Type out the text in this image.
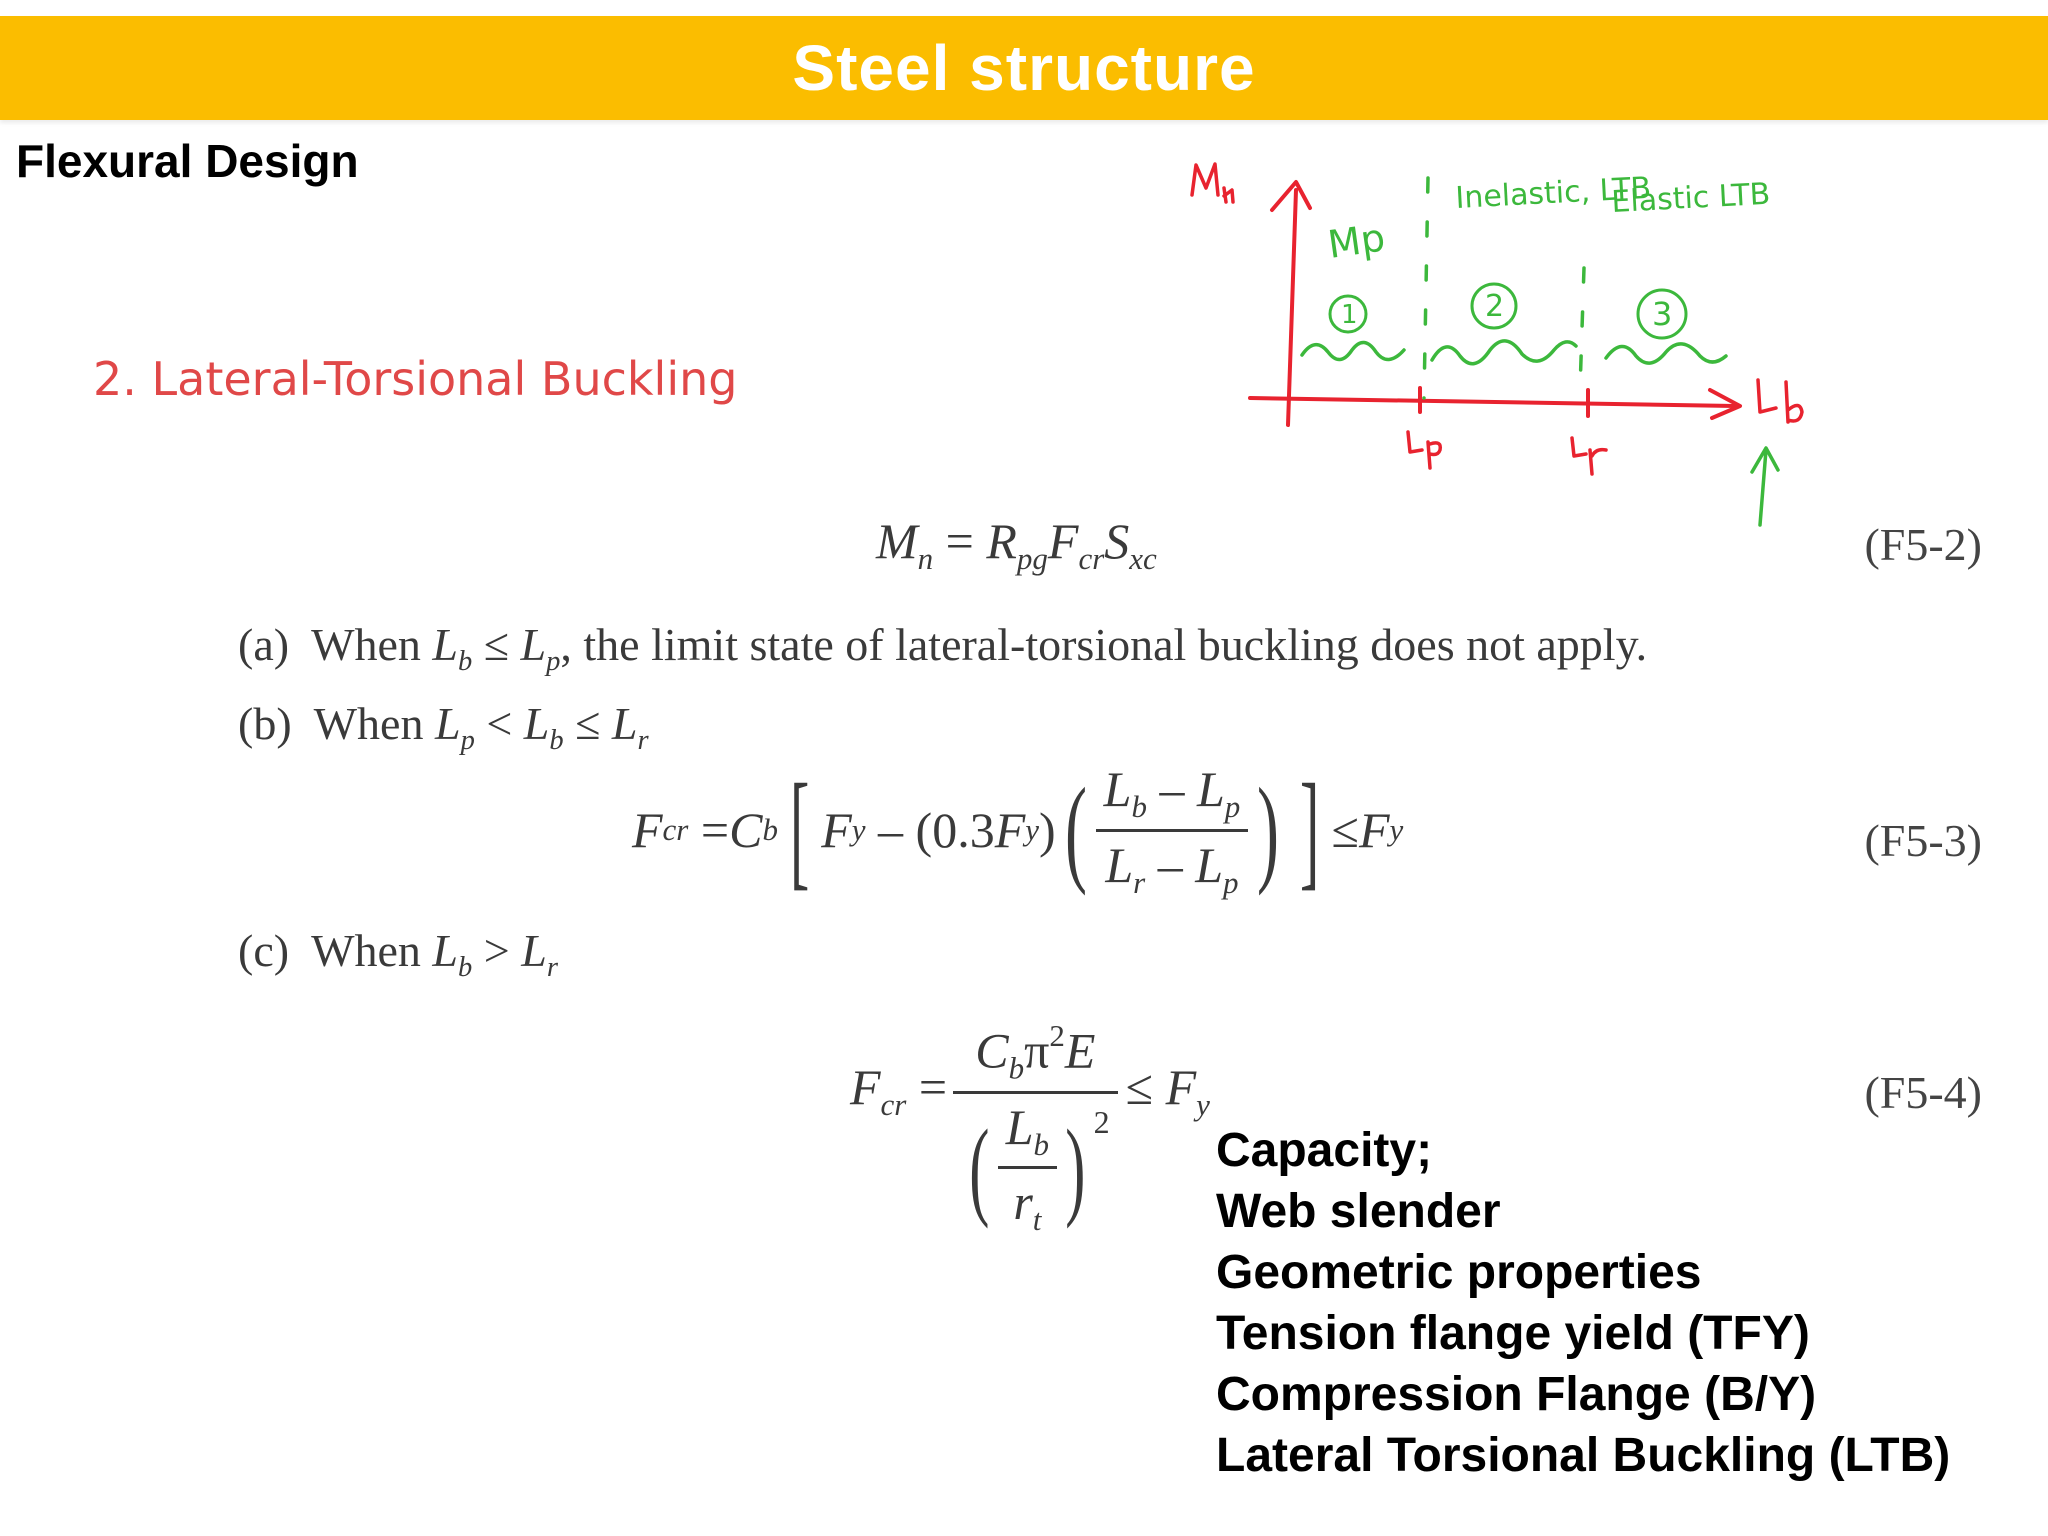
Steel structure
Flexural Design
2. Lateral-Torsional Buckling
Mp
Inelastic, LTB
Elastic LTB
1	2	3
$M_n = R_{pg}F_{cr}S_{xc}$	(F5-2)
(a) When $L_b \le L_p$, the limit state of lateral-torsional buckling does not apply.
(b) When $L_p < L_b \le L_r$
F cr = C b [ F y – (0.3 F y ) ( $\frac{L_b - L_p}{L_r - L_p}$ ) ] ≤ F y	(F5-3)
(c) When $L_b > L_r$
$F_{cr}$ =
$C_b\pi^2E$
( $\frac{L_b}{r_t}$ ) $^2$
≤ $F_y$	(F5-4)
Capacity;
Web slender
Geometric properties
Tension flange yield (TFY)
Compression Flange (B/Y)
Lateral Torsional Buckling (LTB)
